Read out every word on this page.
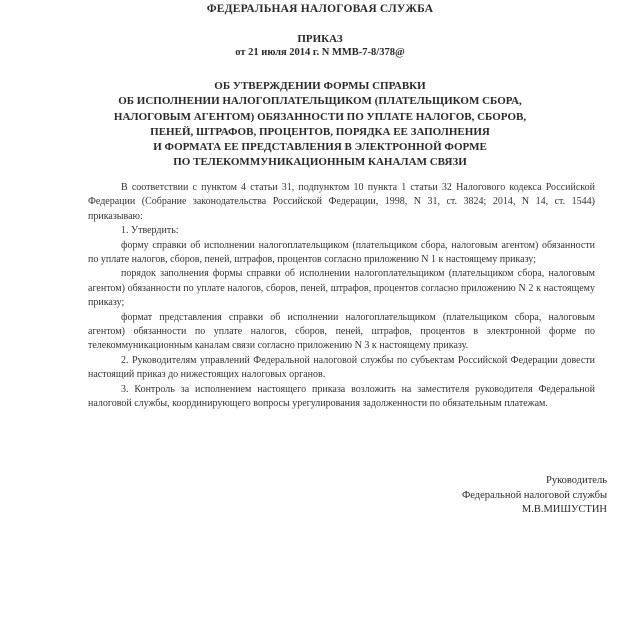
ФЕДЕРАЛЬНАЯ НАЛОГОВАЯ СЛУЖБА
ПРИКАЗ
от 21 июля 2014 г. N ММВ-7-8/378@
ОБ УТВЕРЖДЕНИИ ФОРМЫ СПРАВКИ
ОБ ИСПОЛНЕНИИ НАЛОГОПЛАТЕЛЬЩИКОМ (ПЛАТЕЛЬЩИКОМ СБОРА,
НАЛОГОВЫМ АГЕНТОМ) ОБЯЗАННОСТИ ПО УПЛАТЕ НАЛОГОВ, СБОРОВ,
ПЕНЕЙ, ШТРАФОВ, ПРОЦЕНТОВ, ПОРЯДКА ЕЕ ЗАПОЛНЕНИЯ
И ФОРМАТА ЕЕ ПРЕДСТАВЛЕНИЯ В ЭЛЕКТРОННОЙ ФОРМЕ
ПО ТЕЛЕКОММУНИКАЦИОННЫМ КАНАЛАМ СВЯЗИ

В соответствии с пунктом 4 статьи 31, подпунктом 10 пункта 1 статьи 32 Налогового кодекса Российской Федерации (Собрание законодательства Российской Федерации, 1998, N 31, ст. 3824; 2014, N 14, ст. 1544) приказываю:

1. Утвердить:

форму справки об исполнении налогоплательщиком (плательщиком сбора, налоговым агентом) обязанности по уплате налогов, сборов, пеней, штрафов, процентов согласно приложению N 1 к настоящему приказу;

порядок заполнения формы справки об исполнении налогоплательщиком (плательщиком сбора, налоговым агентом) обязанности по уплате налогов, сборов, пеней, штрафов, процентов согласно приложению N 2 к настоящему приказу;

формат представления справки об исполнении налогоплательщиком (плательщиком сбора, налоговым агентом) обязанности по уплате налогов, сборов, пеней, штрафов, процентов в электронной форме по телекоммуникационным каналам связи согласно приложению N 3 к настоящему приказу.

2. Руководителям управлений Федеральной налоговой службы по субъектам Российской Федерации довести настоящий приказ до нижестоящих налоговых органов.

3. Контроль за исполнением настоящего приказа возложить на заместителя руководителя Федеральной налоговой службы, координирующего вопросы урегулирования задолженности по обязательным платежам.

Руководитель
Федеральной налоговой службы
М.В.МИШУСТИН
